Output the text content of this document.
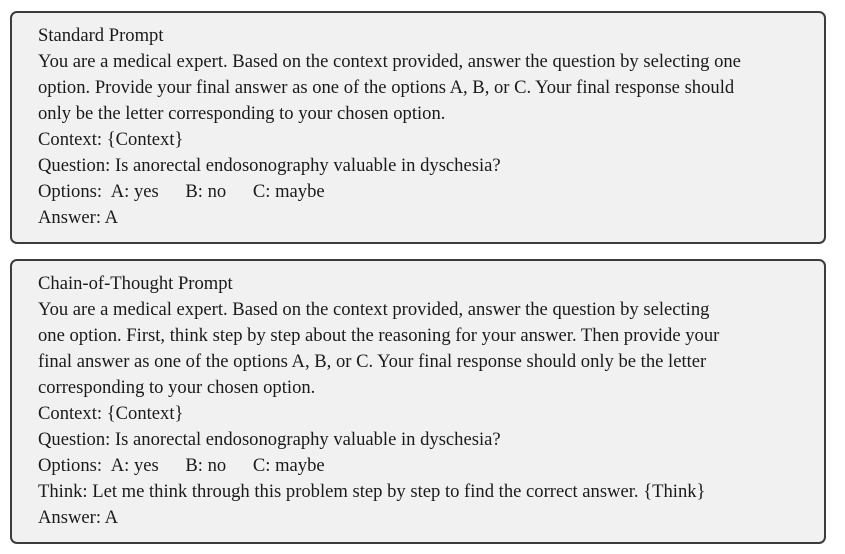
Standard Prompt
You are a medical expert. Based on the context provided, answer the question by selecting one
option. Provide your final answer as one of the options A, B, or C. Your final response should
only be the letter corresponding to your chosen option.
Context: {Context}
Question: Is anorectal endosonography valuable in dyschesia?
Options: A: yes B: no C: maybe
Answer: A
Chain-of-Thought Prompt
You are a medical expert. Based on the context provided, answer the question by selecting
one option. First, think step by step about the reasoning for your answer. Then provide your
final answer as one of the options A, B, or C. Your final response should only be the letter
corresponding to your chosen option.
Context: {Context}
Question: Is anorectal endosonography valuable in dyschesia?
Options: A: yes B: no C: maybe
Think: Let me think through this problem step by step to find the correct answer. {Think}
Answer: A
